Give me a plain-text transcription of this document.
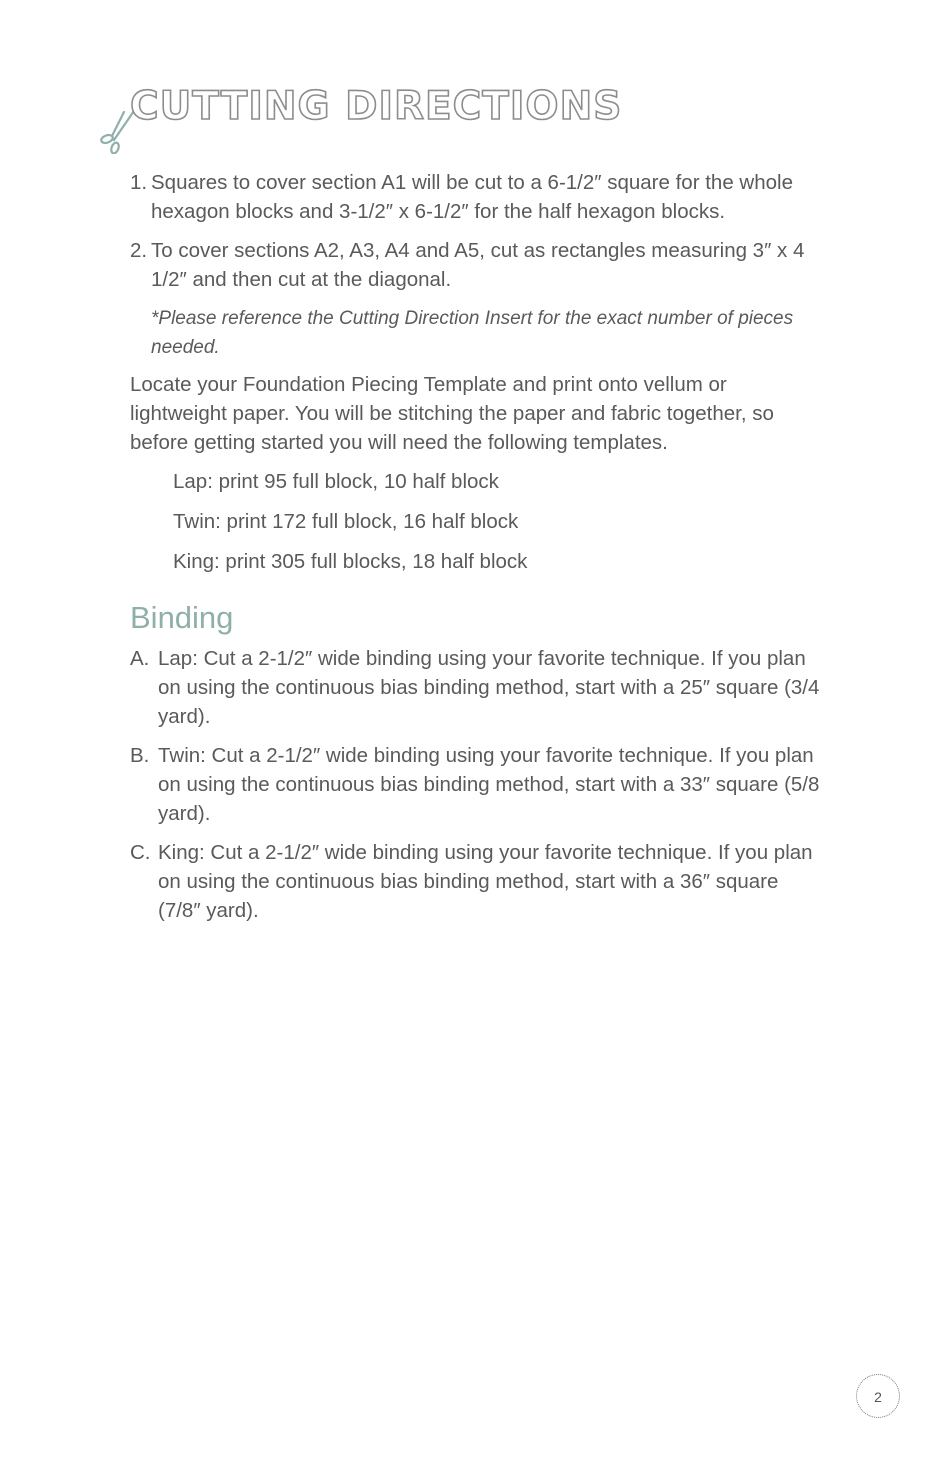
CUTTING DIRECTIONS
1. Squares to cover section A1 will be cut to a 6-1/2″ square for the whole hexagon blocks and 3-1/2″ x 6-1/2″ for the half hexagon blocks.
2. To cover sections A2, A3, A4 and A5, cut as rectangles measuring 3″ x 4 1/2″ and then cut at the diagonal.

*Please reference the Cutting Direction Insert for the exact number of pieces needed.

Locate your Foundation Piecing Template and print onto vellum or lightweight paper. You will be stitching the paper and fabric together, so before getting started you will need the following templates.

Lap: print 95 full block, 10 half block

Twin: print 172 full block, 16 half block

King: print 305 full blocks, 18 half block

Binding
A. Lap: Cut a 2-1/2″ wide binding using your favorite technique. If you plan on using the continuous bias binding method, start with a 25″ square (3/4 yard).
B. Twin: Cut a 2-1/2″ wide binding using your favorite technique. If you plan on using the continuous bias binding method, start with a 33″ square (5/8 yard).
C. King: Cut a 2-1/2″ wide binding using your favorite technique. If you plan on using the continuous bias binding method, start with a 36″ square (7/8″ yard).
2
